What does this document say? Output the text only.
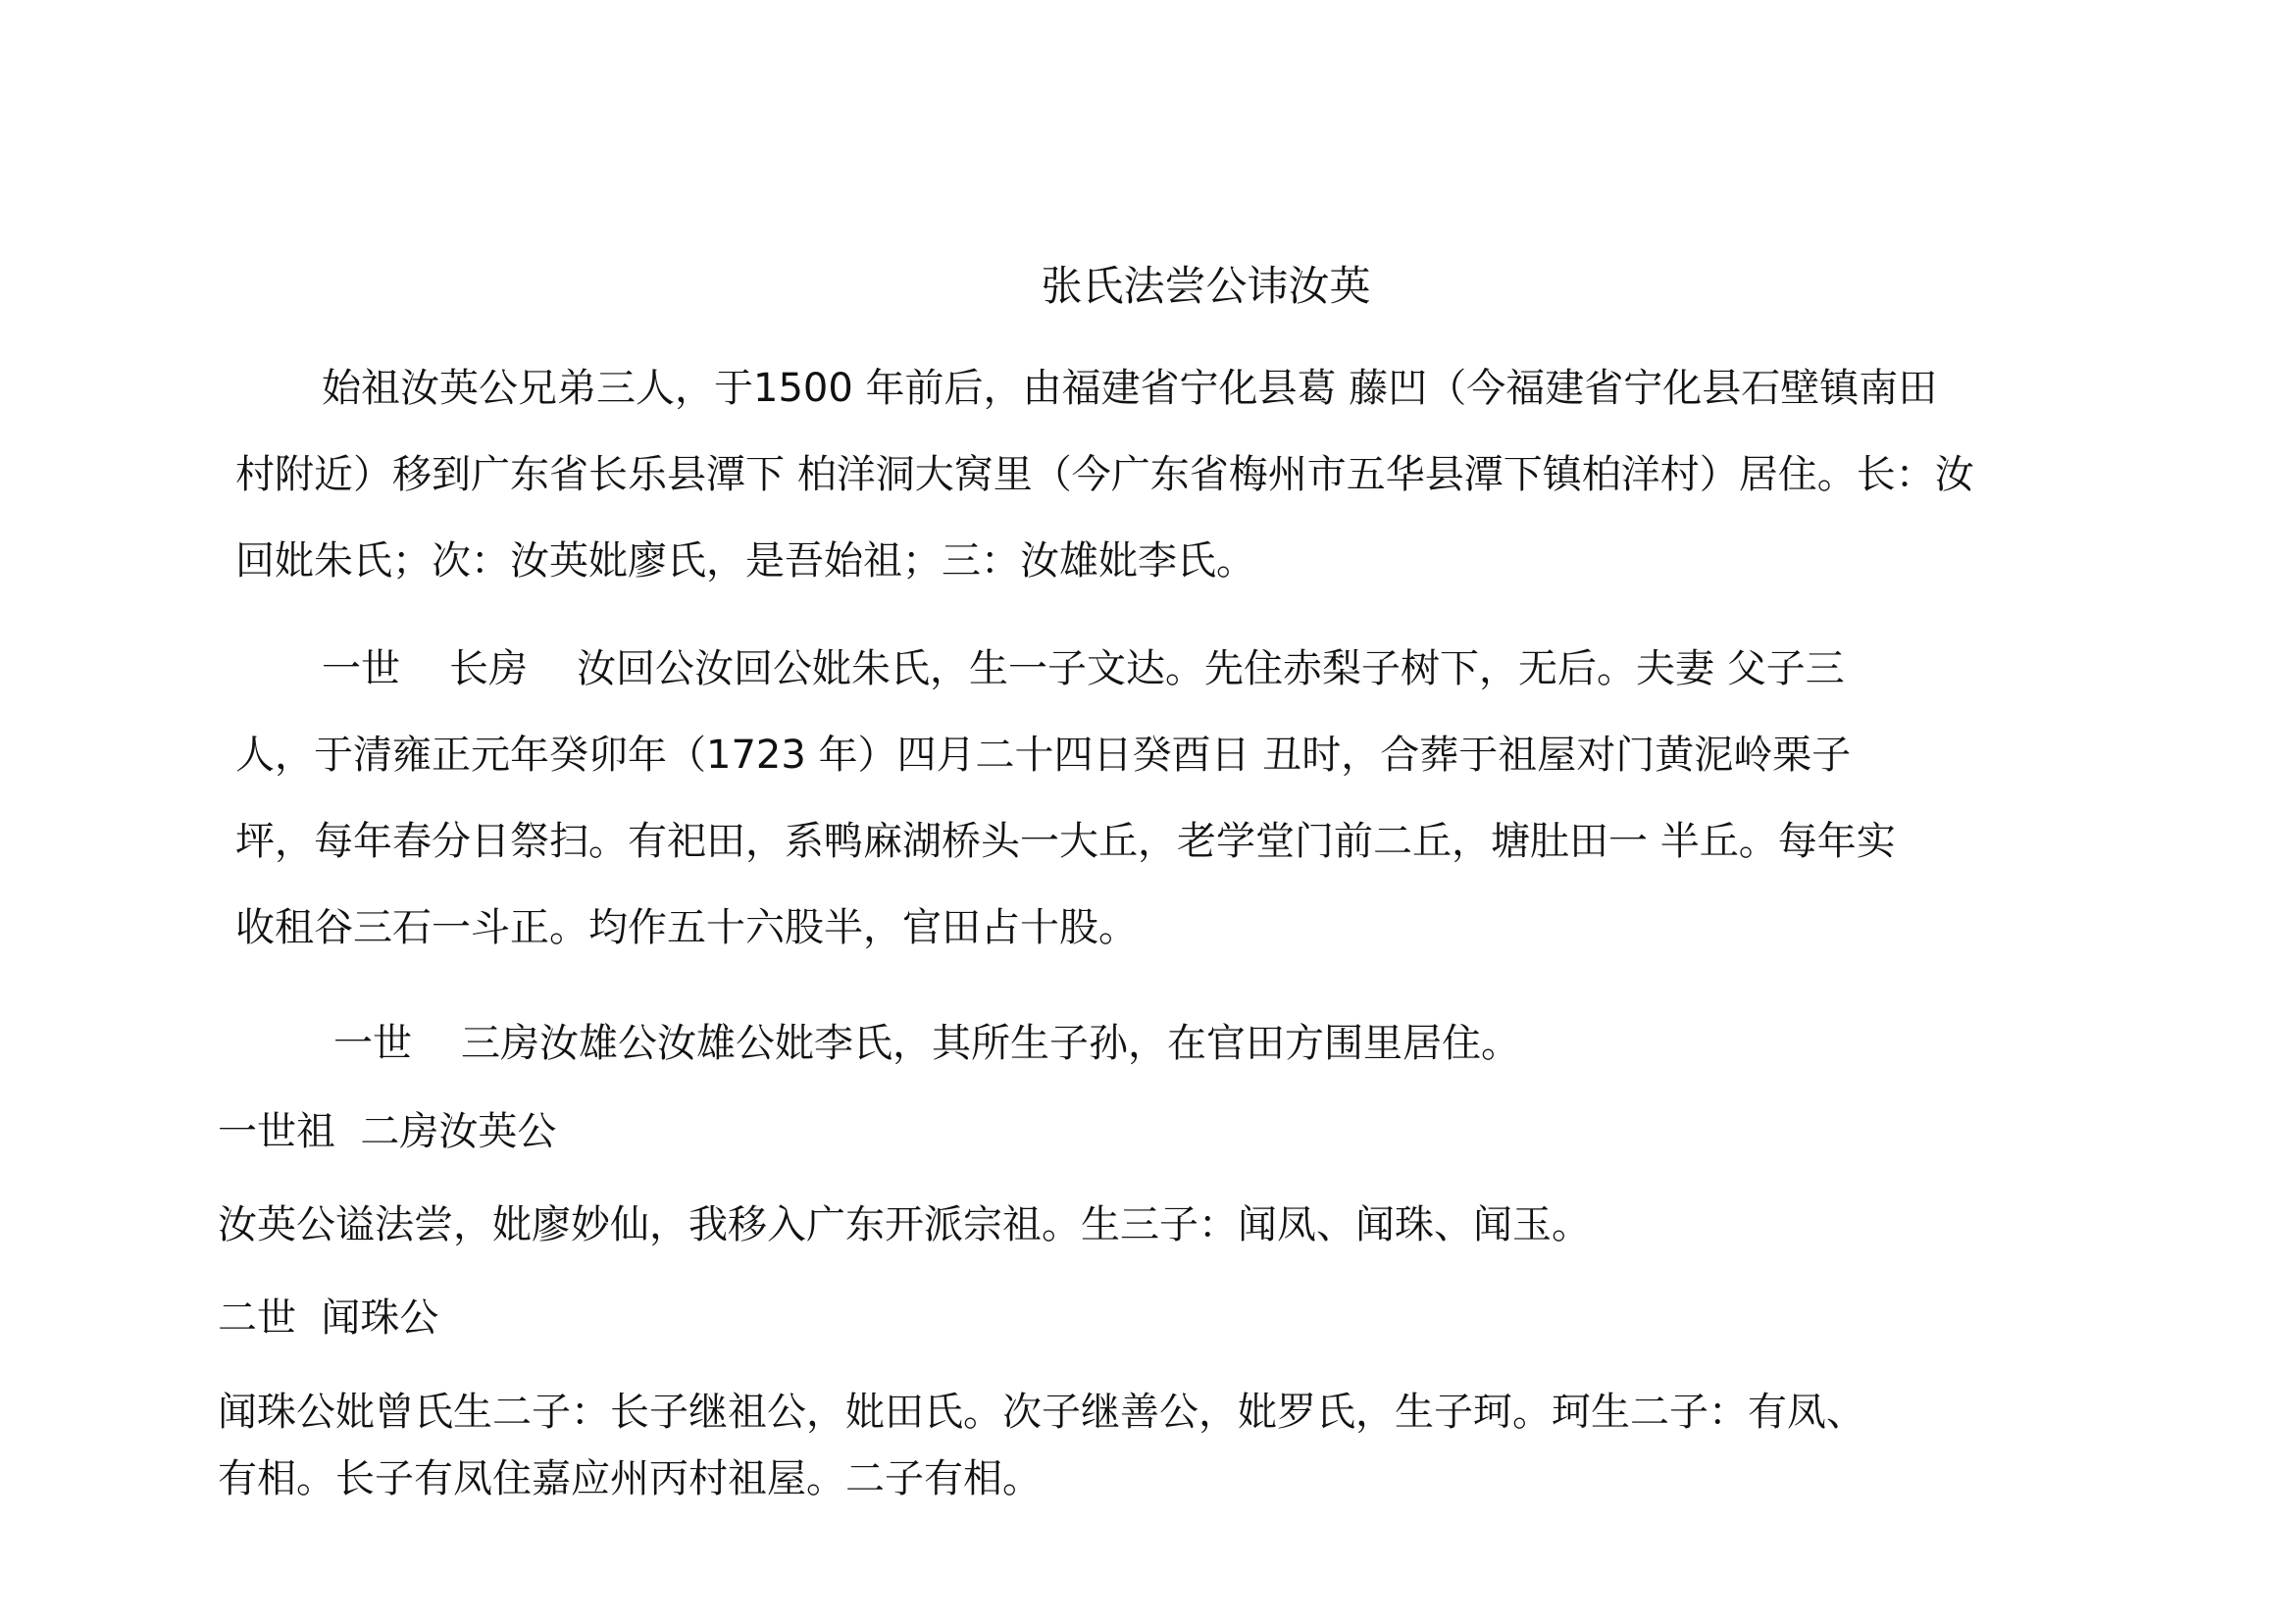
张氏法尝公讳汝英
始祖汝英公兄弟三人，于1500 年前后，由福建省宁化县葛 藤凹（今福建省宁化县石壁镇南田
村附近）移到广东省长乐县潭下 柏洋洞大窝里（今广东省梅州市五华县潭下镇柏洋村）居住。长：汝
回妣朱氏；次：汝英妣廖氏，是吾始祖；三：汝雄妣李氏。
一世 长房 汝回公汝回公妣朱氏，生一子文达。先住赤梨子树下，无后。夫妻 父子三
人，于清雍正元年癸卯年（1723 年）四月二十四日癸酉日 丑时，合葬于祖屋对门黄泥岭栗子
坪，每年春分日祭扫。有祀田，系鸭麻湖桥头一大丘，老学堂门前二丘，塘肚田一 半丘。每年实
收租谷三石一斗正。均作五十六股半，官田占十股。
一世 三房汝雄公汝雄公妣李氏，其所生子孙，在官田方围里居住。
一世祖  二房汝英公
汝英公谥法尝，妣廖妙仙，我移入广东开派宗祖。生三子：闻凤、闻珠、闻玉。
二世  闻珠公
闻珠公妣曾氏生二子：长子继祖公，妣田氏。次子继善公，妣罗氏，生子珂。珂生二子：有凤、
有相。长子有凤住嘉应州丙村祖屋。二子有相。
